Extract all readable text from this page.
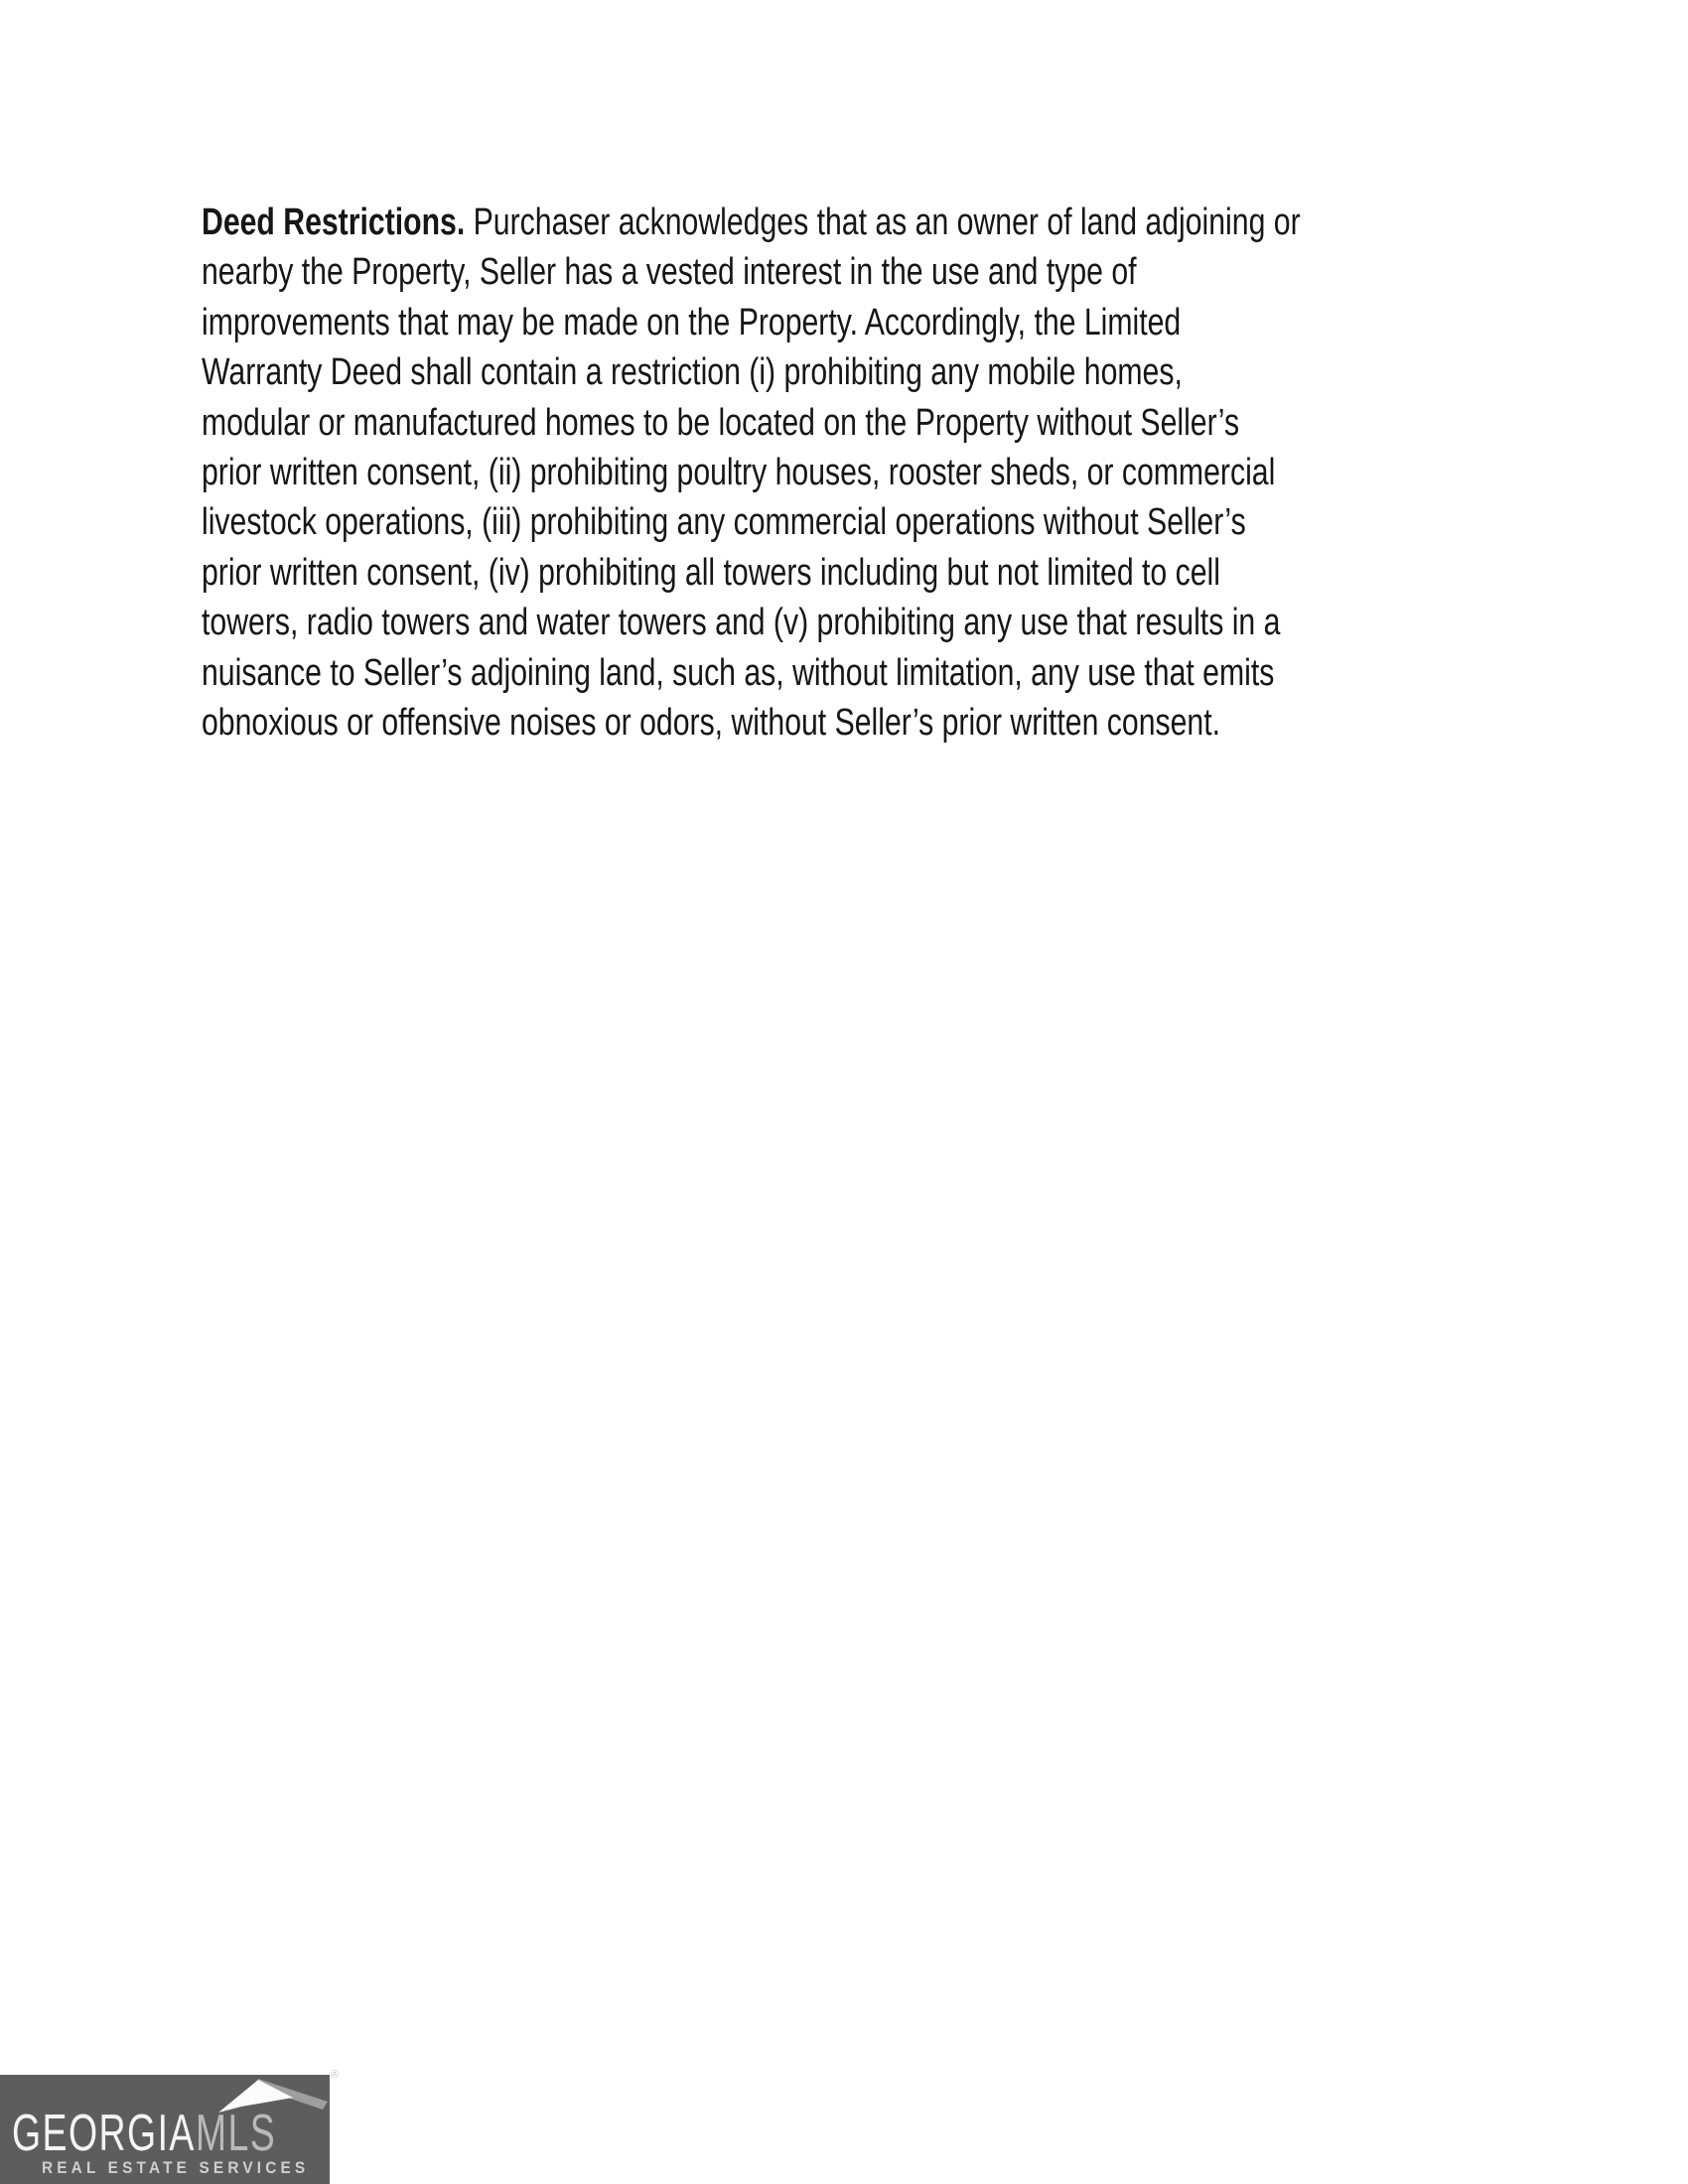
Deed Restrictions. Purchaser acknowledges that as an owner of land adjoining or
nearby the Property, Seller has a vested interest in the use and type of
improvements that may be made on the Property. Accordingly, the Limited
Warranty Deed shall contain a restriction (i) prohibiting any mobile homes,
modular or manufactured homes to be located on the Property without Seller’s
prior written consent, (ii) prohibiting poultry houses, rooster sheds, or commercial
livestock operations, (iii) prohibiting any commercial operations without Seller’s
prior written consent, (iv) prohibiting all towers including but not limited to cell
towers, radio towers and water towers and (v) prohibiting any use that results in a
nuisance to Seller’s adjoining land, such as, without limitation, any use that emits
obnoxious or offensive noises or odors, without Seller’s prior written consent.
GEORGIAMLS
REAL ESTATE SERVICES
®
